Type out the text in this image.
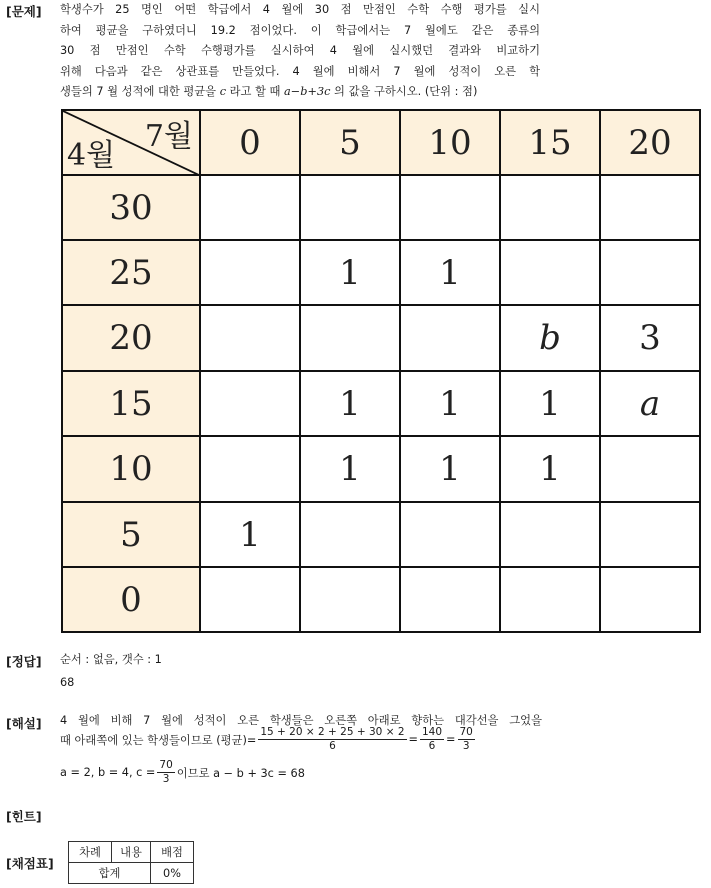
[문제]
[정답]
[해설]
[힌트]
[채점표]
학생수가 25 명인 어떤 학급에서 4 월에 30 점 만점인 수학 수행 평가를 실시
하여 평균을 구하였더니 19.2 점이었다. 이 학급에서는 7 월에도 같은 종류의
30 점 만점인 수학 수행평가를 실시하여 4 월에 실시했던 결과와 비교하기
위해 다음과 같은 상관표를 만들었다. 4 월에 비해서 7 월에 성적이 오른 학
생들의 7 월 성적에 대한 평균을 c 라고 할 때 a−b+3c 의 값을 구하시오. (단위 : 점)
7월
4월	0	5	10	15	20
30					
25		1	1		
20				b	3
15		1	1	1	a
10		1	1	1	
5	1				
0					
순서 : 없음, 갯수 : 1
68
4 월에 비해 7 월에 성적이 오른 학생들은 오른쪽 아래로 향하는 대각선을 그었을
때 아래쪽에 있는 학생들이므로 (평균)= $\frac{15 + 20 \times 2 + 25 + 30 \times 2}{6} = \frac{140}{6} = \frac{70}{3}$
a = 2, b = 4, $c = \frac{70}{3}$ 이므로 a − b + 3c = 68
차례	내용	배점
합계		0%
